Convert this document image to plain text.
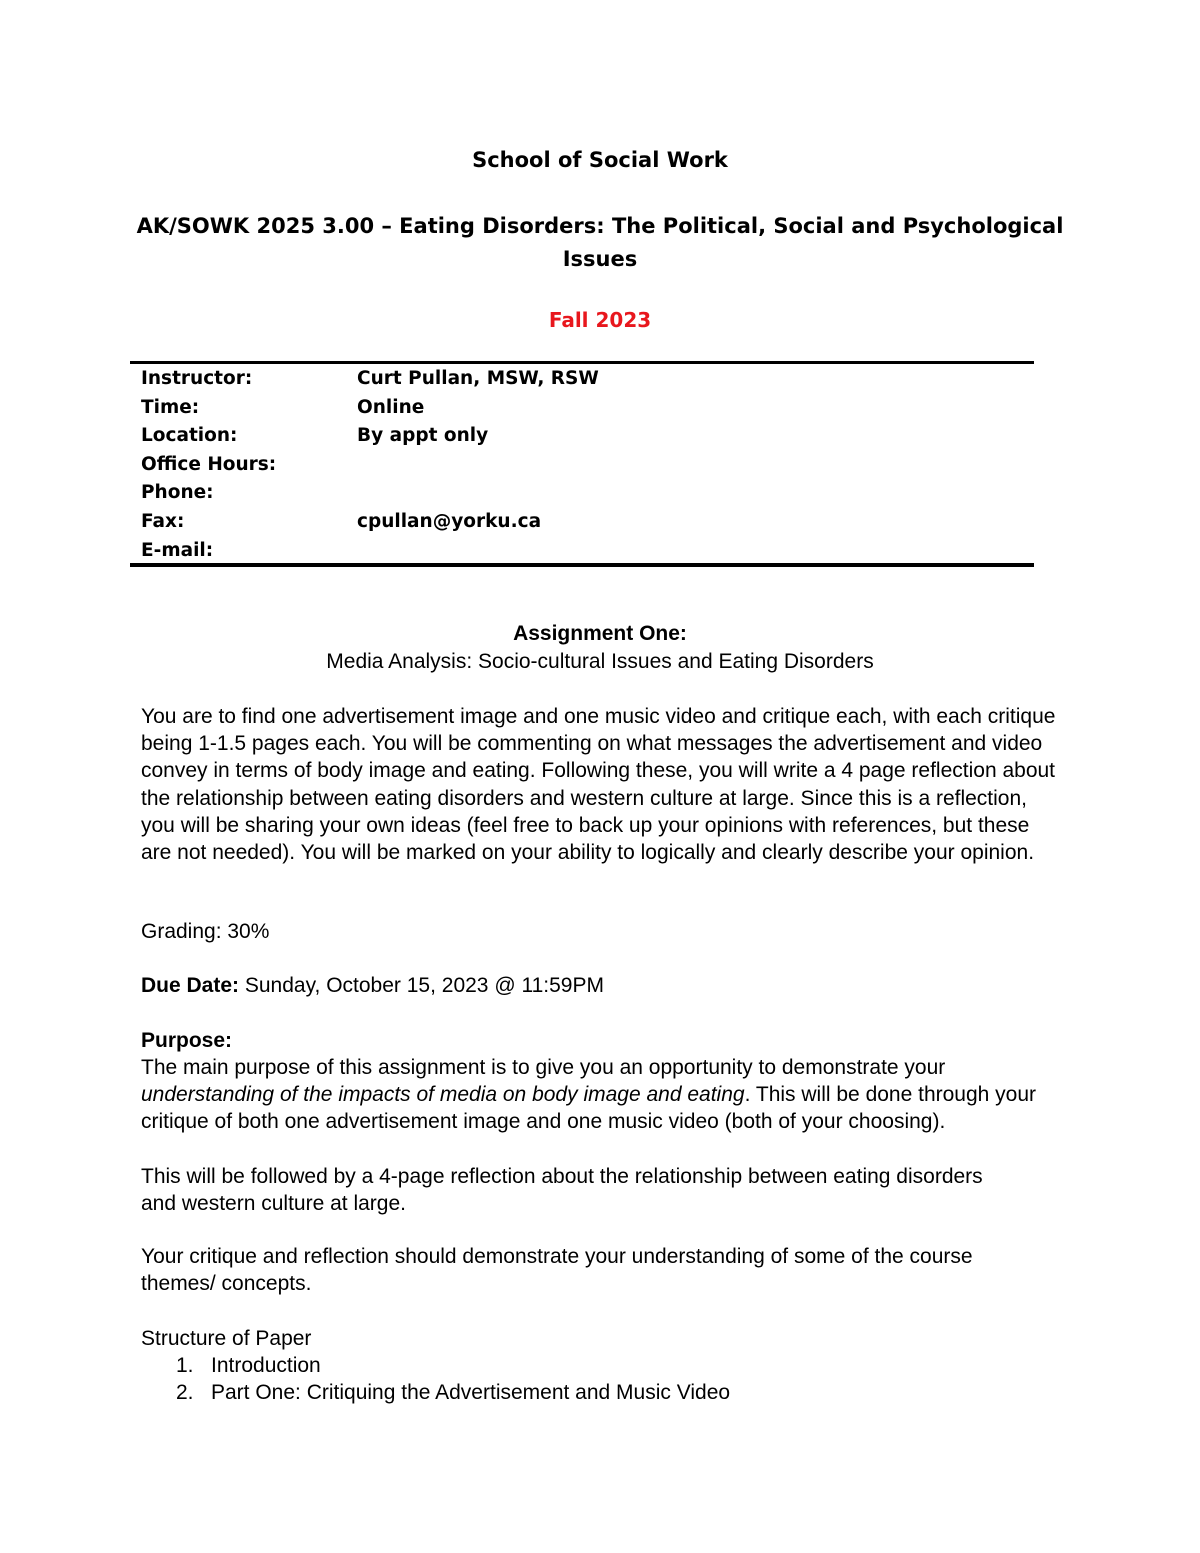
School of Social Work
AK/SOWK 2025 3.00 – Eating Disorders: The Political, Social and Psychological
Issues
Fall 2023
Instructor:	Curt Pullan, MSW, RSW
Time:	Online
Location:	By appt only
Office Hours:
Phone:
Fax:	cpullan@yorku.ca
E-mail:
Assignment One:
Media Analysis: Socio-cultural Issues and Eating Disorders

You are to find one advertisement image and one music video and critique each, with each critique being 1-1.5 pages each. You will be commenting on what messages the advertisement and video convey in terms of body image and eating. Following these, you will write a 4 page reflection about the relationship between eating disorders and western culture at large. Since this is a reflection, you will be sharing your own ideas (feel free to back up your opinions with references, but these are not needed). You will be marked on your ability to logically and clearly describe your opinion.

Grading: 30%

Due Date: Sunday, October 15, 2023 @ 11:59PM

Purpose:

The main purpose of this assignment is to give you an opportunity to demonstrate your understanding of the impacts of media on body image and eating. This will be done through your critique of both one advertisement image and one music video (both of your choosing).

This will be followed by a 4-page reflection about the relationship between eating disorders and western culture at large.

Your critique and reflection should demonstrate your understanding of some of the course themes/ concepts.

Structure of Paper

1. Introduction
2. Part One: Critiquing the Advertisement and Music Video
